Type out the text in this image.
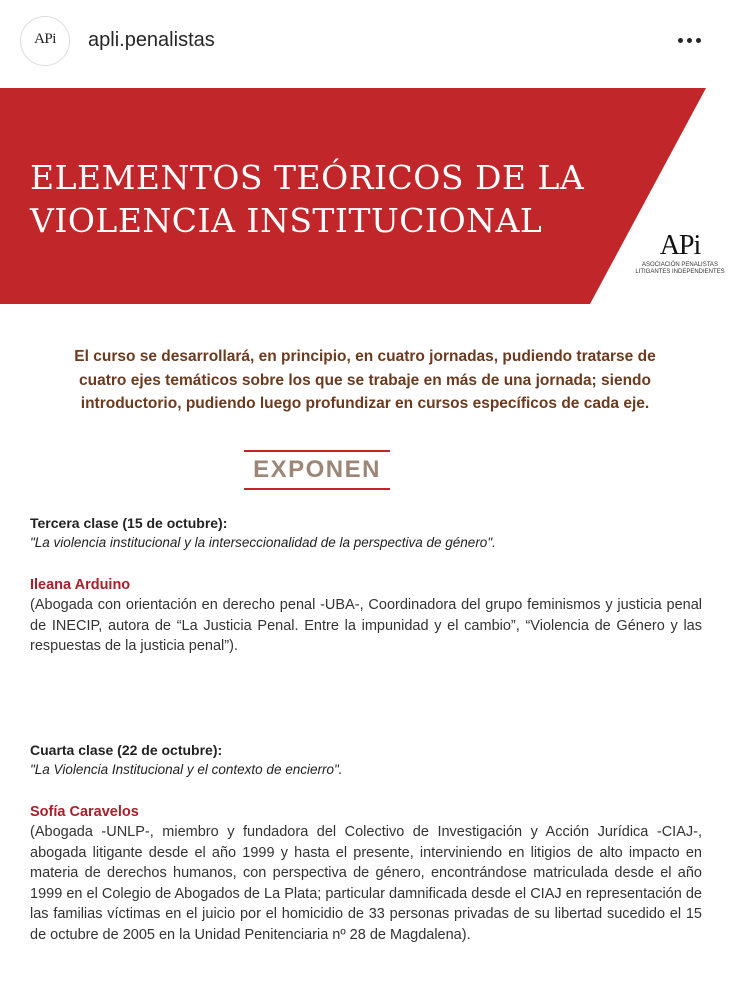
APi
apli.penalistas
ELEMENTOS TEÓRICOS DE LA
VIOLENCIA INSTITUCIONAL
APi
ASOCIACIÓN PENALISTAS
LITIGANTES INDEPENDIENTES
El curso se desarrollará, en principio, en cuatro jornadas, pudiendo tratarse de
cuatro ejes temáticos sobre los que se trabaje en más de una jornada; siendo
introductorio, pudiendo luego profundizar en cursos específicos de cada eje.
EXPONEN
Tercera clase (15 de octubre):
"La violencia institucional y la interseccionalidad de la perspectiva de género".
Ileana Arduino
(Abogada con orientación en derecho penal -UBA-, Coordinadora del grupo feminismos y justicia penal de INECIP, autora de “La Justicia Penal. Entre la impunidad y el cambio”, “Violencia de Género y las respuestas de la justicia penal”).
Cuarta clase (22 de octubre):
"La Violencia Institucional y el contexto de encierro".
Sofía Caravelos
(Abogada -UNLP-, miembro y fundadora del Colectivo de Investigación y Acción Jurídica -CIAJ-, abogada litigante desde el año 1999 y hasta el presente, interviniendo en litigios de alto impacto en materia de derechos humanos, con perspectiva de género, encontrándose matriculada desde el año 1999 en el Colegio de Abogados de La Plata; particular damnificada desde el CIAJ en representación de las familias víctimas en el juicio por el homicidio de 33 personas privadas de su libertad sucedido el 15 de octubre de 2005 en la Unidad Penitenciaria nº 28 de Magdalena).
